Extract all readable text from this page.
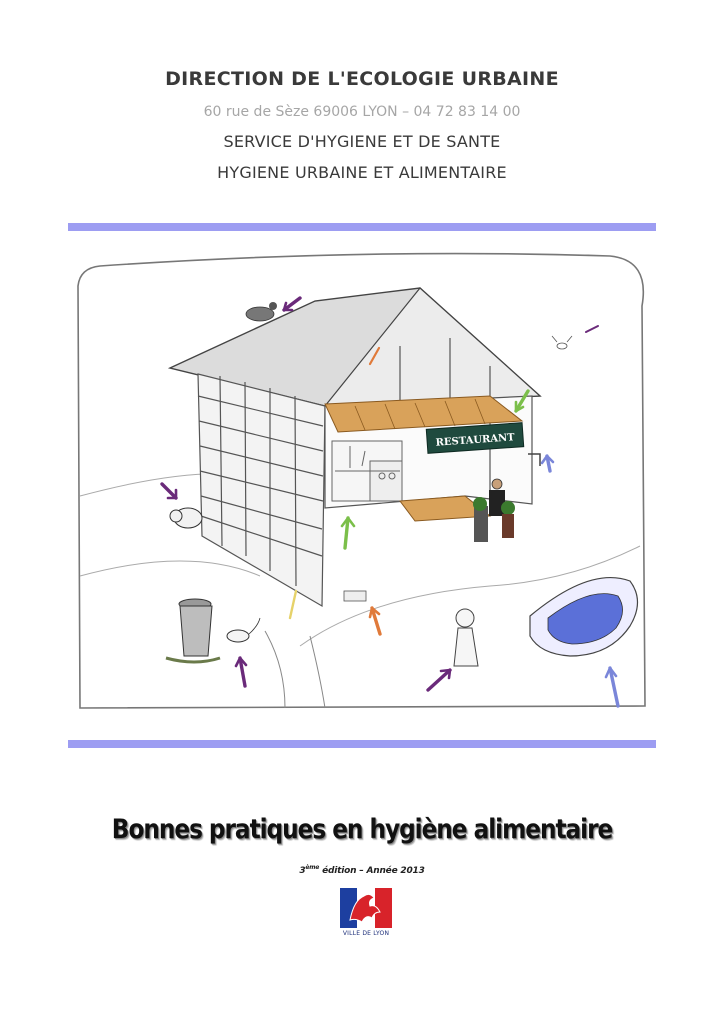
DIRECTION DE L'ECOLOGIE URBAINE
60 rue de Sèze 69006 LYON – 04 72 83 14 00
SERVICE D'HYGIENE ET DE SANTE
HYGIENE URBAINE ET ALIMENTAIRE
RESTAURANT
Bonnes pratiques en hygiène alimentaire
3ème édition – Année 2013
VILLE DE LYON
